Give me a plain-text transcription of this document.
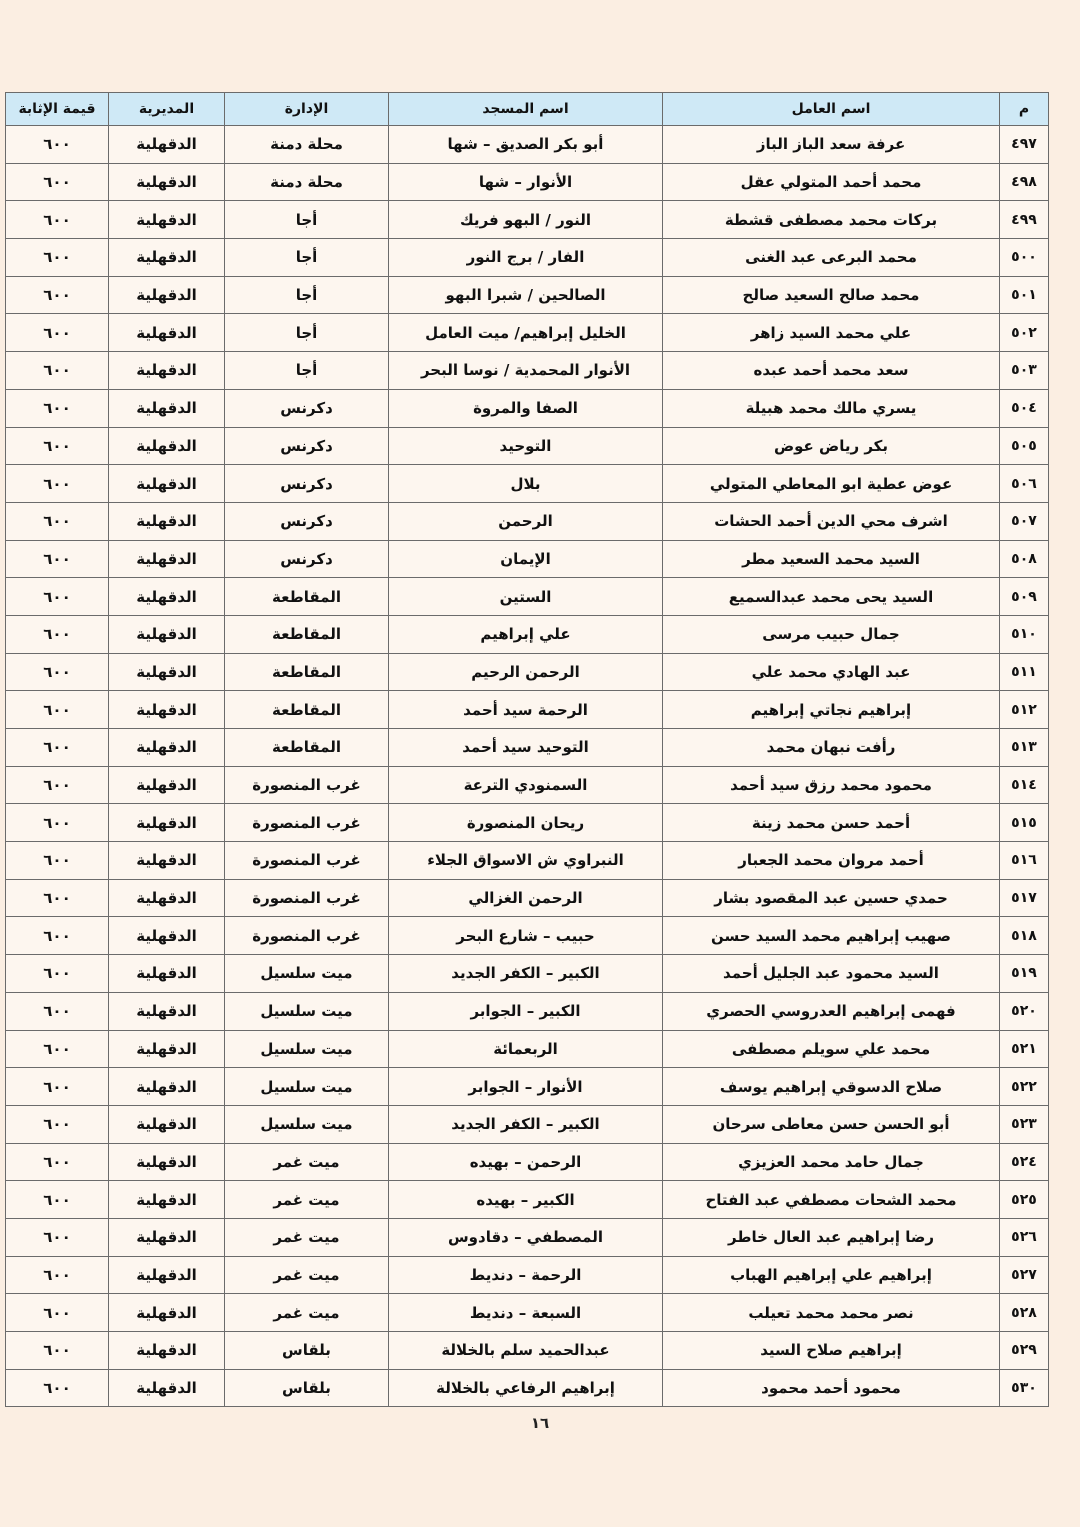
م	اسم العامل	اسم المسجد	الإدارة	المديرية	قيمة الإثابة
٤٩٧	عرفة سعد الباز الباز	أبو بكر الصديق – شها	محلة دمنة	الدقهلية	٦٠٠
٤٩٨	محمد أحمد المتولي عقل	الأنوار – شها	محلة دمنة	الدقهلية	٦٠٠
٤٩٩	بركات محمد مصطفى قشطة	النور / البهو فريك	أجا	الدقهلية	٦٠٠
٥٠٠	محمد البرعى عبد الغنى	الفار / برج النور	أجا	الدقهلية	٦٠٠
٥٠١	محمد صالح السعيد صالح	الصالحين / شبرا البهو	أجا	الدقهلية	٦٠٠
٥٠٢	علي محمد السيد زاهر	الخليل إبراهيم/ ميت العامل	أجا	الدقهلية	٦٠٠
٥٠٣	سعد محمد أحمد عبده	الأنوار المحمدية / نوسا البحر	أجا	الدقهلية	٦٠٠
٥٠٤	يسري مالك محمد هبيلة	الصفا والمروة	دكرنس	الدقهلية	٦٠٠
٥٠٥	بكر رياض عوض	التوحيد	دكرنس	الدقهلية	٦٠٠
٥٠٦	عوض عطية ابو المعاطي المتولي	بلال	دكرنس	الدقهلية	٦٠٠
٥٠٧	اشرف محي الدين أحمد الحشات	الرحمن	دكرنس	الدقهلية	٦٠٠
٥٠٨	السيد محمد السعيد مطر	الإيمان	دكرنس	الدقهلية	٦٠٠
٥٠٩	السيد يحى محمد عبدالسميع	الستين	المقاطعة	الدقهلية	٦٠٠
٥١٠	جمال حبيب مرسى	علي إبراهيم	المقاطعة	الدقهلية	٦٠٠
٥١١	عبد الهادي محمد علي	الرحمن الرحيم	المقاطعة	الدقهلية	٦٠٠
٥١٢	إبراهيم نجاتي إبراهيم	الرحمة سيد أحمد	المقاطعة	الدقهلية	٦٠٠
٥١٣	رأفت نبهان محمد	التوحيد سيد أحمد	المقاطعة	الدقهلية	٦٠٠
٥١٤	محمود محمد رزق سيد أحمد	السمنودي الترعة	غرب المنصورة	الدقهلية	٦٠٠
٥١٥	أحمد حسن محمد زينة	ريحان المنصورة	غرب المنصورة	الدقهلية	٦٠٠
٥١٦	أحمد مروان محمد الجعبار	النبراوي ش الاسواق الجلاء	غرب المنصورة	الدقهلية	٦٠٠
٥١٧	حمدي حسين عبد المقصود بشار	الرحمن الغزالي	غرب المنصورة	الدقهلية	٦٠٠
٥١٨	صهيب إبراهيم محمد السيد حسن	حبيب – شارع البحر	غرب المنصورة	الدقهلية	٦٠٠
٥١٩	السيد محمود عبد الجليل أحمد	الكبير – الكفر الجديد	ميت سلسيل	الدقهلية	٦٠٠
٥٢٠	فهمى إبراهيم العدروسي الحصري	الكبير – الجوابر	ميت سلسيل	الدقهلية	٦٠٠
٥٢١	محمد علي سويلم مصطفى	الربعمائة	ميت سلسيل	الدقهلية	٦٠٠
٥٢٢	صلاح الدسوقي إبراهيم يوسف	الأنوار – الجوابر	ميت سلسيل	الدقهلية	٦٠٠
٥٢٣	أبو الحسن حسن معاطى سرحان	الكبير – الكفر الجديد	ميت سلسيل	الدقهلية	٦٠٠
٥٢٤	جمال حامد محمد العزيزي	الرحمن – بهيده	ميت غمر	الدقهلية	٦٠٠
٥٢٥	محمد الشحات مصطفي عبد الفتاح	الكبير – بهيده	ميت غمر	الدقهلية	٦٠٠
٥٢٦	رضا إبراهيم عبد العال خاطر	المصطفي – دقادوس	ميت غمر	الدقهلية	٦٠٠
٥٢٧	إبراهيم علي إبراهيم الهباب	الرحمة – دنديط	ميت غمر	الدقهلية	٦٠٠
٥٢٨	نصر محمد محمد تعيلب	السبعة – دنديط	ميت غمر	الدقهلية	٦٠٠
٥٢٩	إبراهيم صلاح السيد	عبدالحميد سلم بالخلالة	بلقاس	الدقهلية	٦٠٠
٥٣٠	محمود أحمد محمود	إبراهيم الرفاعي بالخلالة	بلقاس	الدقهلية	٦٠٠
١٦
